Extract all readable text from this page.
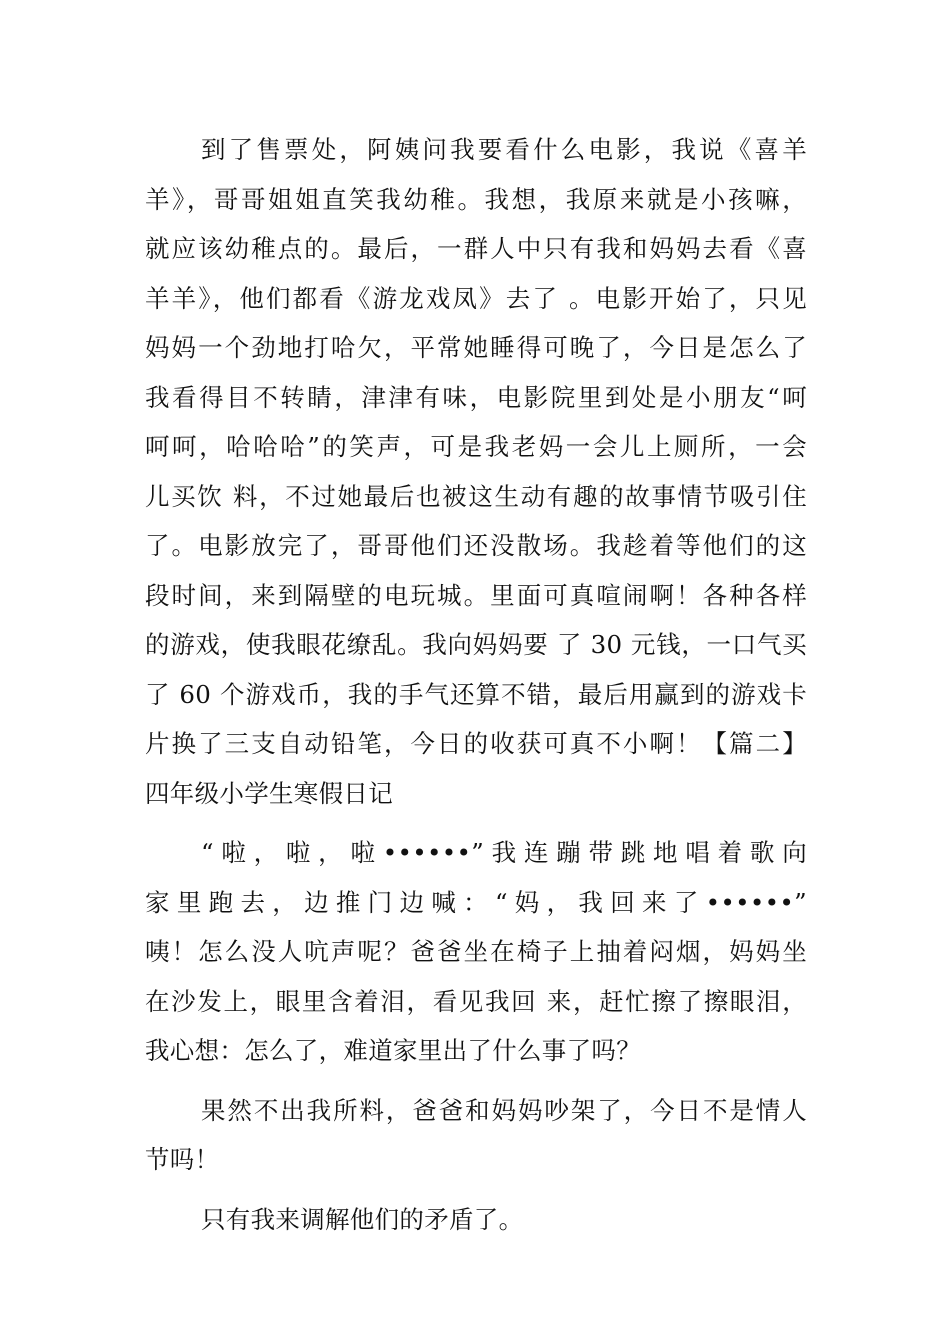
到了售票处，阿姨问我要看什么电影，我说《喜羊
羊》，哥哥姐姐直笑我幼稚。我想，我原来就是小孩嘛，
就应该幼稚点的。最后，一群人中只有我和妈妈去看《喜
羊羊》，他们都看《游龙戏凤》去了 。电影开始了，只见
妈妈一个劲地打哈欠，平常她睡得可晚了，今日是怎么了
我看得目不转睛，津津有味，电影院里到处是小朋友“呵
呵呵，哈哈哈”的笑声，可是我老妈一会儿上厕所，一会
儿买饮 料，不过她最后也被这生动有趣的故事情节吸引住
了。电影放完了，哥哥他们还没散场。我趁着等他们的这
段时间，来到隔壁的电玩城。里面可真喧闹啊！各种各样
的游戏，使我眼花缭乱。我向妈妈要 了 30 元钱，一口气买
了 60 个游戏币，我的手气还算不错，最后用赢到的游戏卡
片换了三支自动铅笔，今日的收获可真不小啊！【篇二】
四年级小学生寒假日记
“啦，啦，啦••••••”我连蹦带跳地唱着歌向
家里跑去，边推门边喊：“妈，我回来了••••••”
咦！怎么没人吭声呢？爸爸坐在椅子上抽着闷烟，妈妈坐
在沙发上，眼里含着泪，看见我回 来，赶忙擦了擦眼泪，
我心想：怎么了，难道家里出了什么事了吗？
果然不出我所料，爸爸和妈妈吵架了，今日不是情人
节吗！
只有我来调解他们的矛盾了。
